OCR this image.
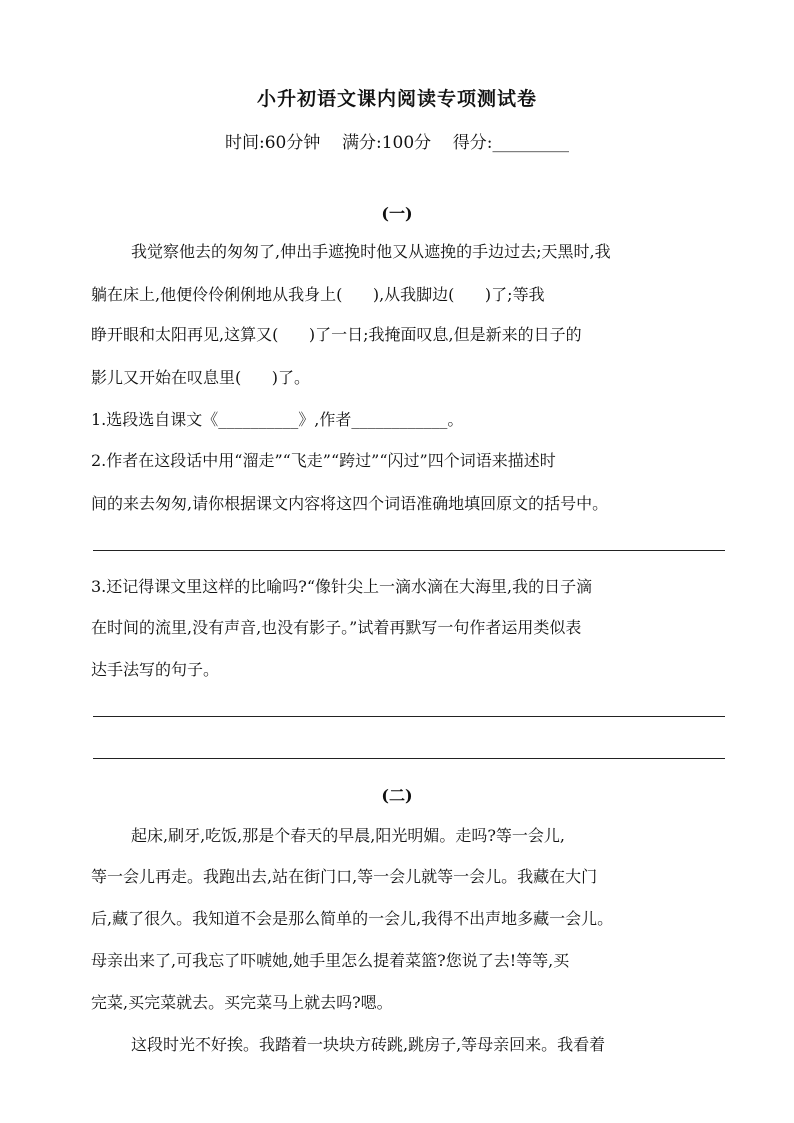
小升初语文课内阅读专项测试卷
时间:60分钟    满分:100分    得分:_________
(一)
我觉察他去的匆匆了,伸出手遮挽时他又从遮挽的手边过去;天黑时,我
躺在床上,他便伶伶俐俐地从我身上(      ),从我脚边(      )了;等我
睁开眼和太阳再见,这算又(      )了一日;我掩面叹息,但是新来的日子的
影儿又开始在叹息里(      )了。
1.选段选自课文《__________》,作者____________。
2.作者在这段话中用“溜走”“飞走”“跨过”“闪过”四个词语来描述时
间的来去匆匆,请你根据课文内容将这四个词语准确地填回原文的括号中。
3.还记得课文里这样的比喻吗?“像针尖上一滴水滴在大海里,我的日子滴
在时间的流里,没有声音,也没有影子。”试着再默写一句作者运用类似表
达手法写的句子。
(二)
起床,刷牙,吃饭,那是个春天的早晨,阳光明媚。走吗?等一会儿,
等一会儿再走。我跑出去,站在街门口,等一会儿就等一会儿。我藏在大门
后,藏了很久。我知道不会是那么简单的一会儿,我得不出声地多藏一会儿。
母亲出来了,可我忘了吓唬她,她手里怎么提着菜篮?您说了去!等等,买
完菜,买完菜就去。买完菜马上就去吗?嗯。
这段时光不好挨。我踏着一块块方砖跳,跳房子,等母亲回来。我看着
